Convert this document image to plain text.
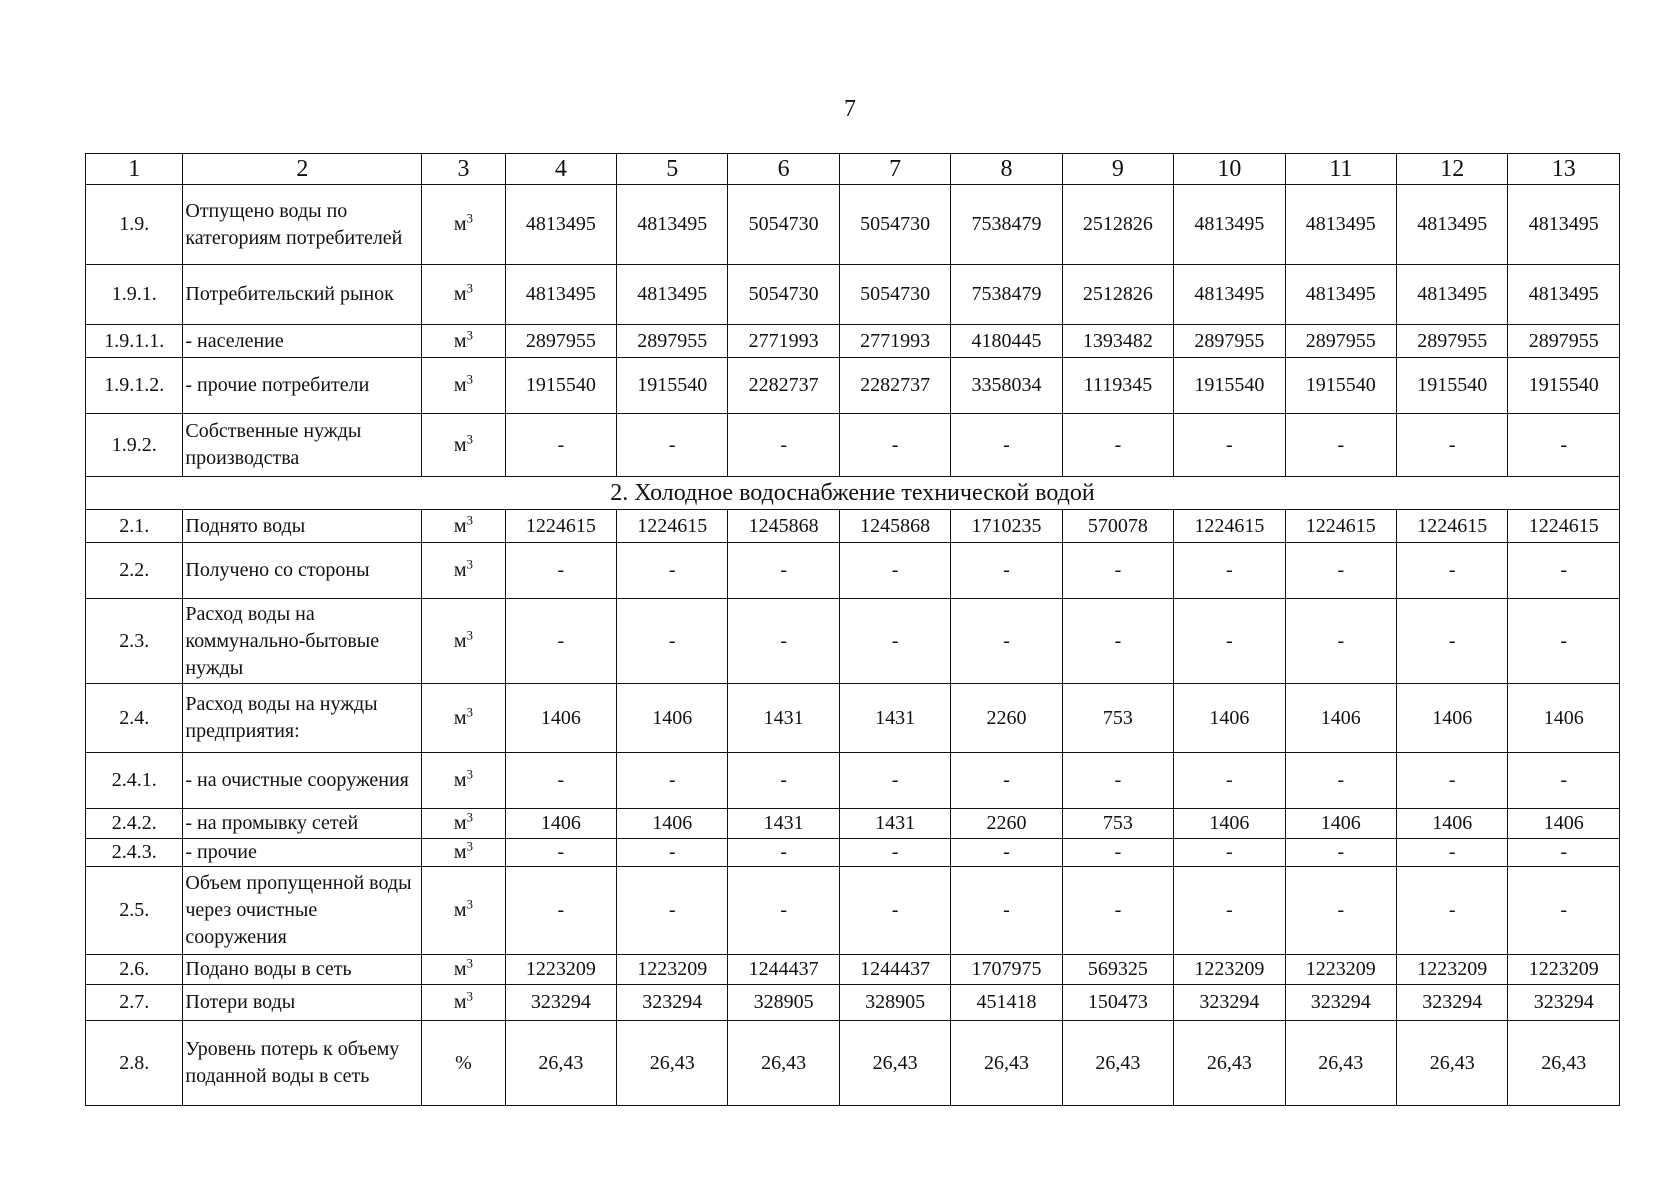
7
1	2	3	4	5	6	7	8	9	10	11	12	13
1.9.	Отпущено воды по категориям потребителей	$м^3$	4813495	4813495	5054730	5054730	7538479	2512826	4813495	4813495	4813495	4813495
1.9.1.	Потребительский рынок	$м^3$	4813495	4813495	5054730	5054730	7538479	2512826	4813495	4813495	4813495	4813495
1.9.1.1.	- население	$м^3$	2897955	2897955	2771993	2771993	4180445	1393482	2897955	2897955	2897955	2897955
1.9.1.2.	- прочие потребители	$м^3$	1915540	1915540	2282737	2282737	3358034	1119345	1915540	1915540	1915540	1915540
1.9.2.	Собственные нужды производства	$м^3$	-	-	-	-	-	-	-	-	-	-
2. Холодное водоснабжение технической водой												
2.1.	Поднято воды	$м^3$	1224615	1224615	1245868	1245868	1710235	570078	1224615	1224615	1224615	1224615
2.2.	Получено со стороны	$м^3$	-	-	-	-	-	-	-	-	-	-
2.3.	Расход воды на коммунально-бытовые нужды	$м^3$	-	-	-	-	-	-	-	-	-	-
2.4.	Расход воды на нужды предприятия:	$м^3$	1406	1406	1431	1431	2260	753	1406	1406	1406	1406
2.4.1.	- на очистные сооружения	$м^3$	-	-	-	-	-	-	-	-	-	-
2.4.2.	- на промывку сетей	$м^3$	1406	1406	1431	1431	2260	753	1406	1406	1406	1406
2.4.3.	- прочие	$м^3$	-	-	-	-	-	-	-	-	-	-
2.5.	Объем пропущенной воды через очистные сооружения	$м^3$	-	-	-	-	-	-	-	-	-	-
2.6.	Подано воды в сеть	$м^3$	1223209	1223209	1244437	1244437	1707975	569325	1223209	1223209	1223209	1223209
2.7.	Потери воды	$м^3$	323294	323294	328905	328905	451418	150473	323294	323294	323294	323294
2.8.	Уровень потерь к объему поданной воды в сеть	%	26,43	26,43	26,43	26,43	26,43	26,43	26,43	26,43	26,43	26,43
